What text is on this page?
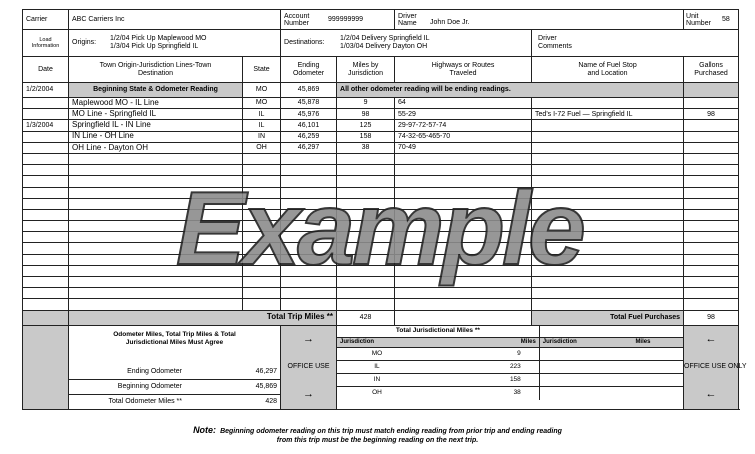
Carrier	ABC Carriers Inc	Account
Number
999999999	Driver
Name	John Doe Jr.

Unit
Number
58

Load
Information	Origins:
1/2/04 Pick Up Maplewood MO
1/3/04 Pick Up Springfield IL

Destinations:
1/2/04 Delivery Springfield IL
1/03/04 Delivery Dayton OH

Driver
Comments

Date	
Town Origin-Jurisdiction Lines-Town
Destination
	State	
Ending
Odometer

Miles by
Jurisdiction

Highways or Routes
Traveled

Name of Fuel Stop
and Location

Gallons
Purchased

1/2/2004	Beginning State & Odometer Reading	MO	45,869	All other odometer reading will be ending readings.	
	Maplewood MO - IL Line	MO	45,878	9	64		
	MO Line - Springfield IL	IL	45,976	98	55-29	Ted's I-72 Fuel — Springfield IL	98
1/3/2004	Springfield IL - IN Line	IL	46,101	125	29-97-72-57-74		
	IN Line - OH Line	IN	46,259	158	74-32-65-465-70		
	OH Line - Dayton OH	OH	46,297	38	70-49		

	Total Trip Miles **	428		Total Fuel Purchases	98

Odometer Miles, Total Trip Miles & Total
Jurisdictional Miles Must Agree
Ending Odometer	46,297
Beginning Odometer	45,869
Total Odometer Miles **	428

→
OFFICE USE
→

Total Jurisdictional Miles **	
Jurisdiction	Miles	Jurisdiction	Miles
MO	9		
IL	223		
IN	158		
OH	38		

←
OFFICE USE ONLY
←
Example
Note: Beginning odometer reading on this trip must match ending reading from prior trip and ending reading
from this trip must be the beginning reading on the next trip.
